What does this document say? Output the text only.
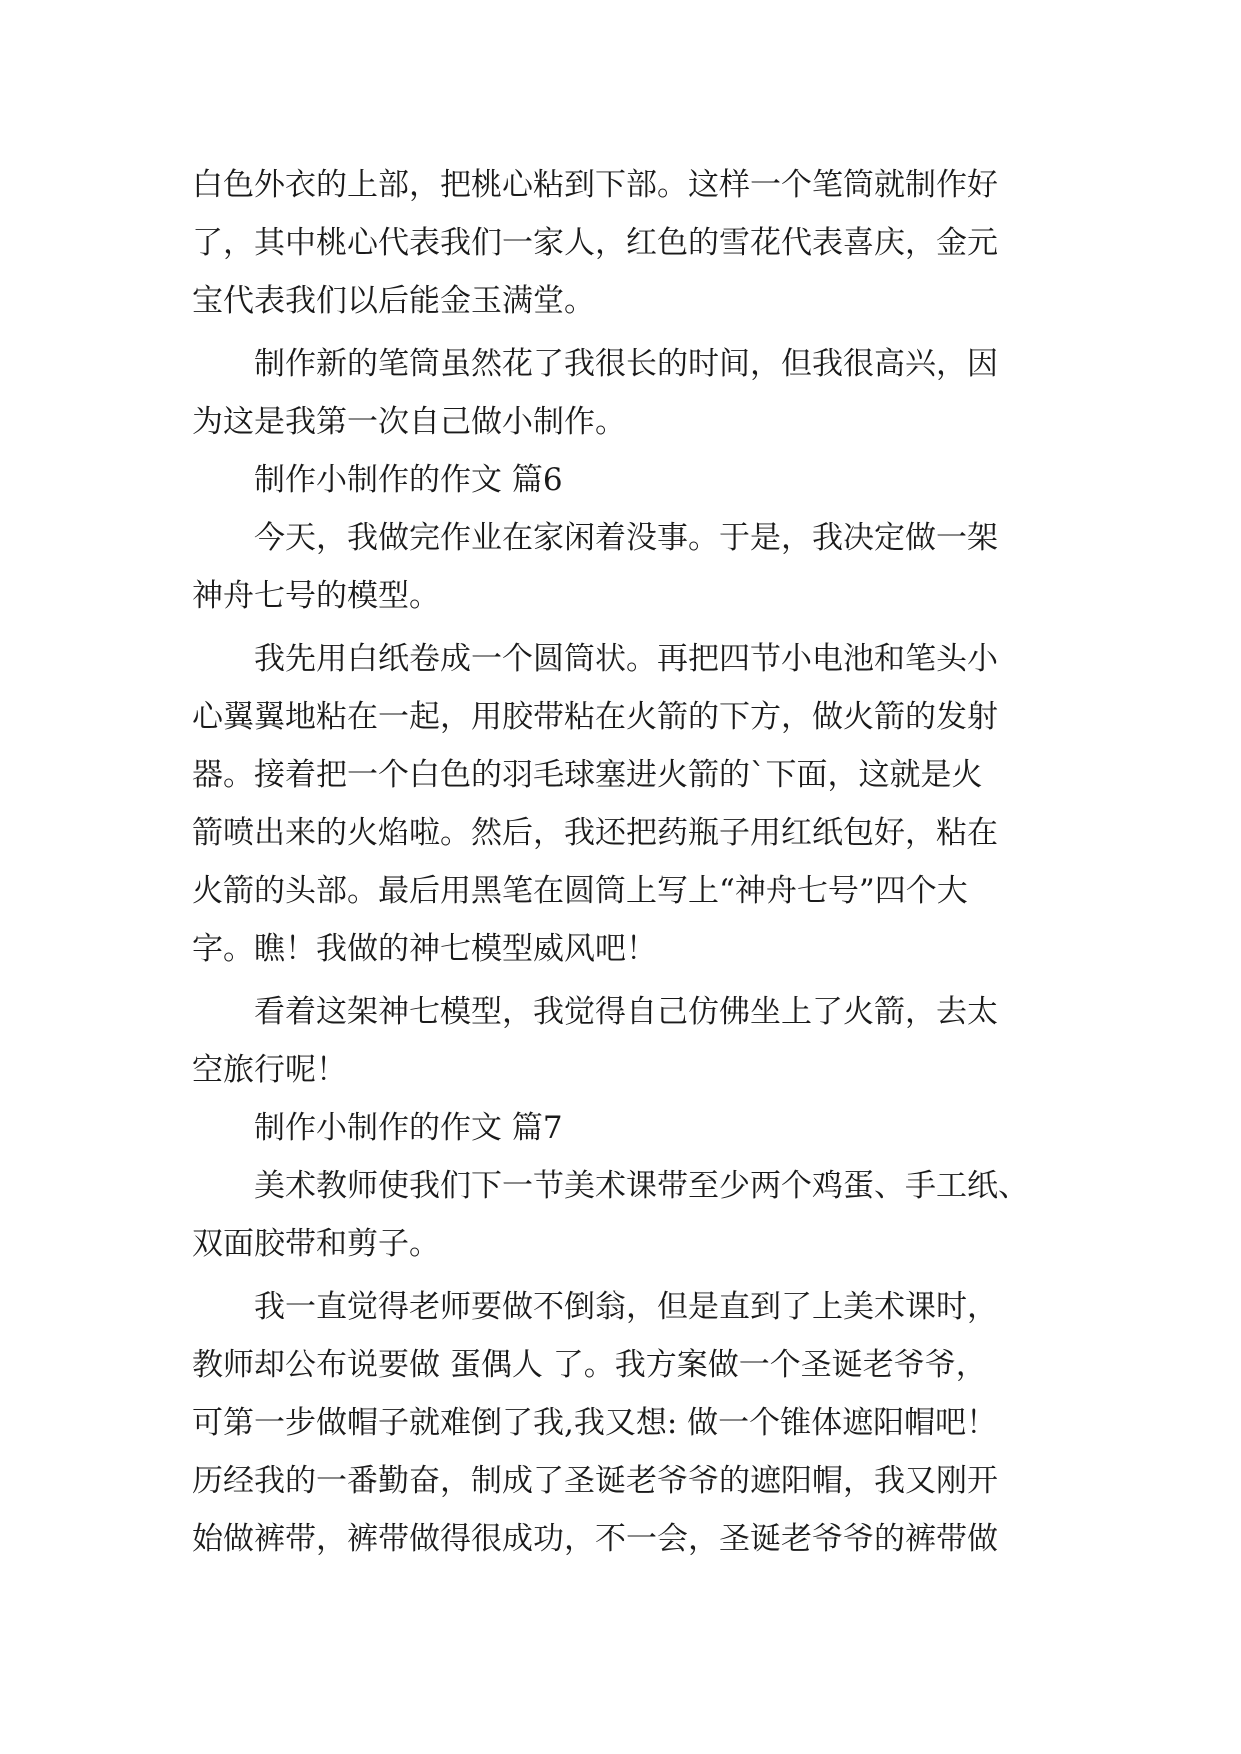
白色外衣的上部，把桃心粘到下部。这样一个笔筒就制作好
了，其中桃心代表我们一家人，红色的雪花代表喜庆，金元
宝代表我们以后能金玉满堂。
制作新的笔筒虽然花了我很长的时间，但我很高兴，因
为这是我第一次自己做小制作。
制作小制作的作文 篇6
今天，我做完作业在家闲着没事。于是，我决定做一架
神舟七号的模型。
我先用白纸卷成一个圆筒状。再把四节小电池和笔头小
心翼翼地粘在一起，用胶带粘在火箭的下方，做火箭的发射
器。接着把一个白色的羽毛球塞进火箭的`下面，这就是火
箭喷出来的火焰啦。然后，我还把药瓶子用红纸包好，粘在
火箭的头部。最后用黑笔在圆筒上写上“神舟七号”四个大
字。瞧！我做的神七模型威风吧！
看着这架神七模型，我觉得自己仿佛坐上了火箭，去太
空旅行呢！
制作小制作的作文 篇7
美术教师使我们下一节美术课带至少两个鸡蛋、手工纸、
双面胶带和剪子。
我一直觉得老师要做不倒翁，但是直到了上美术课时，
教师却公布说要做 蛋偶人 了。我方案做一个圣诞老爷爷，
可第一步做帽子就难倒了我,我又想: 做一个锥体遮阳帽吧！
历经我的一番勤奋，制成了圣诞老爷爷的遮阳帽，我又刚开
始做裤带，裤带做得很成功，不一会，圣诞老爷爷的裤带做
